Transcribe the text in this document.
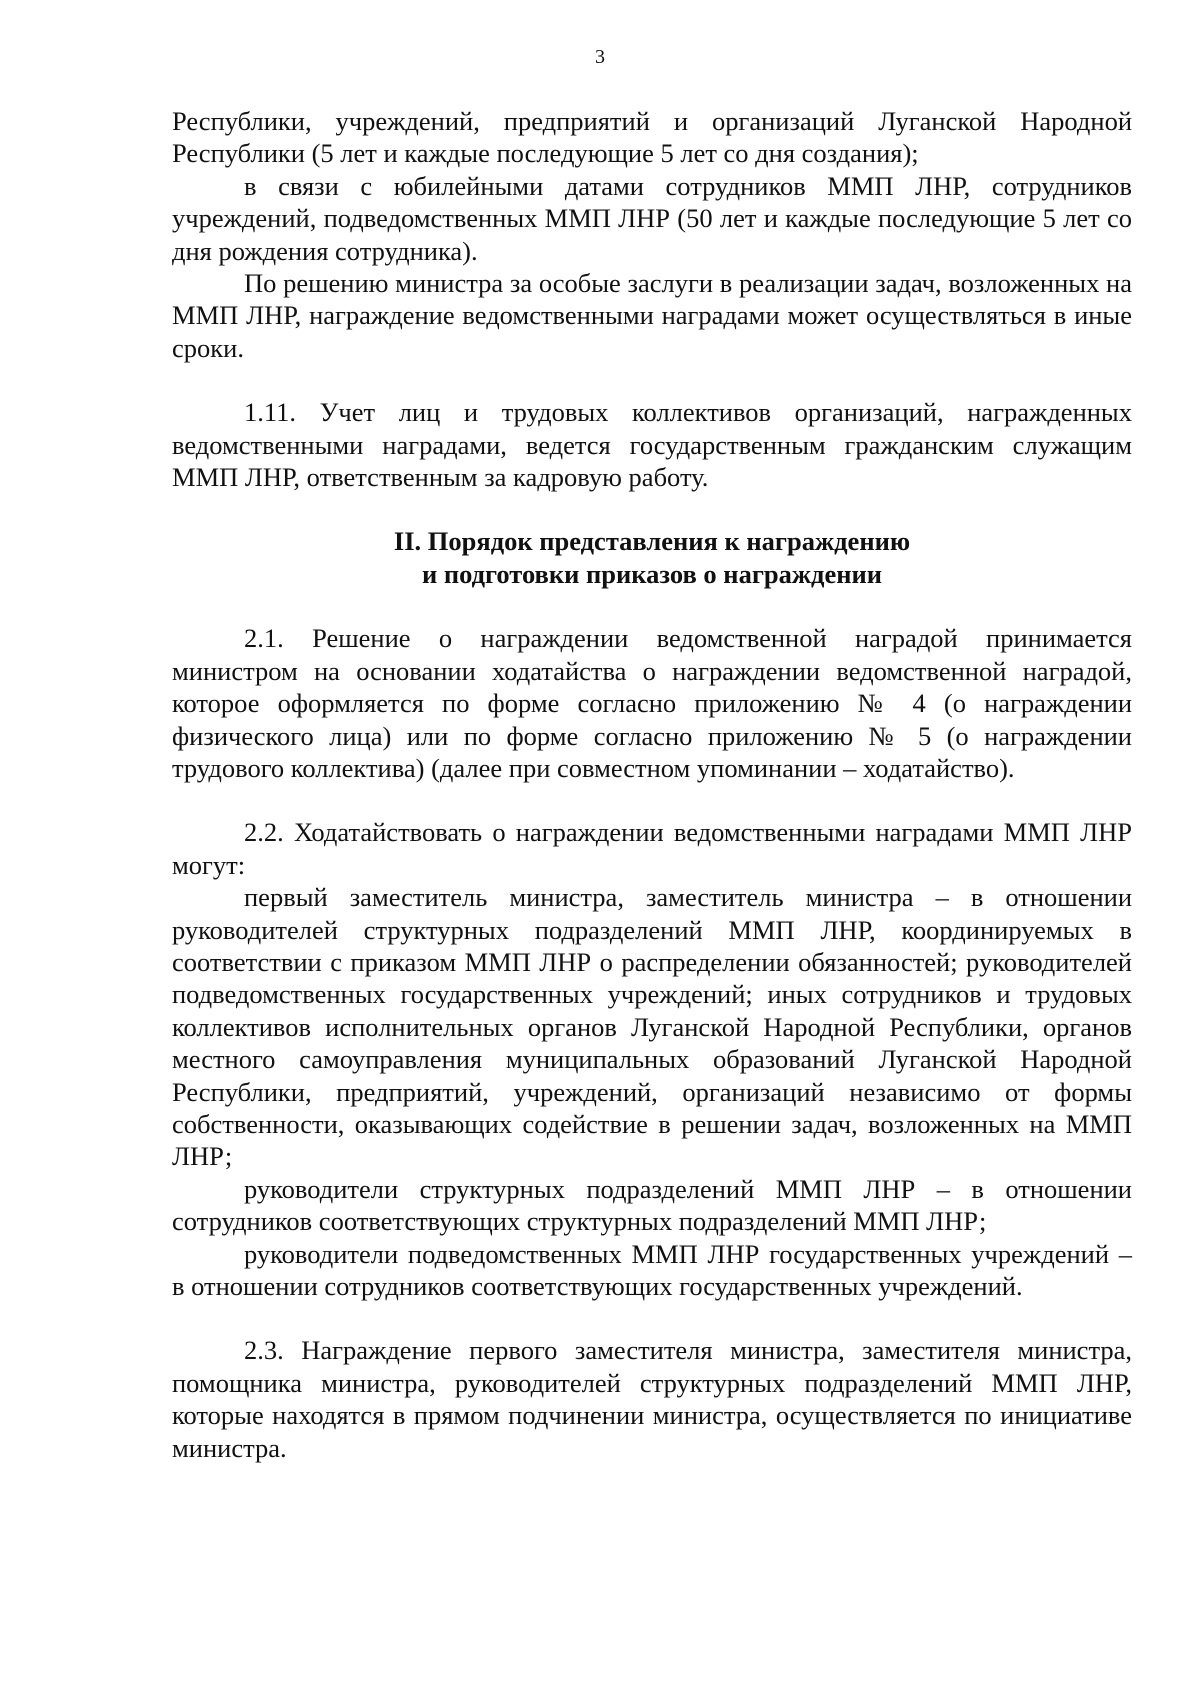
3

Республики, учреждений, предприятий и организаций Луганской Народной Республики (5 лет и каждые последующие 5 лет со дня создания);

в связи с юбилейными датами сотрудников ММП ЛНР, сотрудников учреждений, подведомственных ММП ЛНР (50 лет и каждые последующие 5 лет со дня рождения сотрудника).

По решению министра за особые заслуги в реализации задач, возложенных на ММП ЛНР, награждение ведомственными наградами может осуществляться в иные сроки.

1.11. Учет лиц и трудовых коллективов организаций, награжденных ведомственными наградами, ведется государственным гражданским служащим ММП ЛНР, ответственным за кадровую работу.

II. Порядок представления к награждению
и подготовки приказов о награждении

2.1. Решение о награждении ведомственной наградой принимается министром на основании ходатайства о награждении ведомственной наградой, которое оформляется по форме согласно приложению № 4 (о награждении физического лица) или по форме согласно приложению № 5 (о награждении трудового коллектива) (далее при совместном упоминании – ходатайство).

2.2. Ходатайствовать о награждении ведомственными наградами ММП ЛНР могут:

первый заместитель министра, заместитель министра – в отношении руководителей структурных подразделений ММП ЛНР, координируемых в соответствии с приказом ММП ЛНР о распределении обязанностей; руководителей подведомственных государственных учреждений; иных сотрудников и трудовых коллективов исполнительных органов Луганской Народной Республики, органов местного самоуправления муниципальных образований Луганской Народной Республики, предприятий, учреждений, организаций независимо от формы собственности, оказывающих содействие в решении задач, возложенных на ММП ЛНР;

руководители структурных подразделений ММП ЛНР – в отношении сотрудников соответствующих структурных подразделений ММП ЛНР;

руководители подведомственных ММП ЛНР государственных учреждений – в отношении сотрудников соответствующих государственных учреждений.

2.3. Награждение первого заместителя министра, заместителя министра, помощника министра, руководителей структурных подразделений ММП ЛНР, которые находятся в прямом подчинении министра, осуществляется по инициативе министра.
